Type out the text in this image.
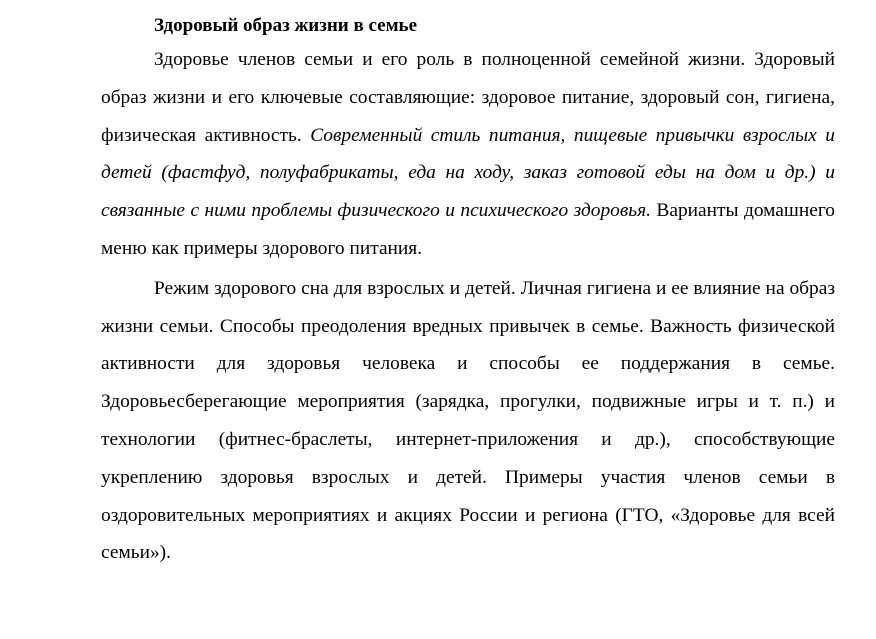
Здоровый образ жизни в семье

Здоровье членов семьи и его роль в полноценной семейной жизни. Здоровый образ жизни и его ключевые составляющие: здоровое питание, здоровый сон, гигиена, физическая активность. Современный стиль питания, пищевые привычки взрослых и детей (фастфуд, полуфабрикаты, еда на ходу, заказ готовой еды на дом и др.) и связанные с ними проблемы физического и психического здоровья. Варианты домашнего меню как примеры здорового питания.

Режим здорового сна для взрослых и детей. Личная гигиена и ее влияние на образ жизни семьи. Способы преодоления вредных привычек в семье. Важность физической активности для здоровья человека и способы ее поддержания в семье. Здоровьесберегающие мероприятия (зарядка, прогулки, подвижные игры и т. п.) и технологии (фитнес-браслеты, интернет-приложения и др.), способствующие укреплению здоровья взрослых и детей. Примеры участия членов семьи в оздоровительных мероприятиях и акциях России и региона (ГТО, «Здоровье для всей семьи»).
